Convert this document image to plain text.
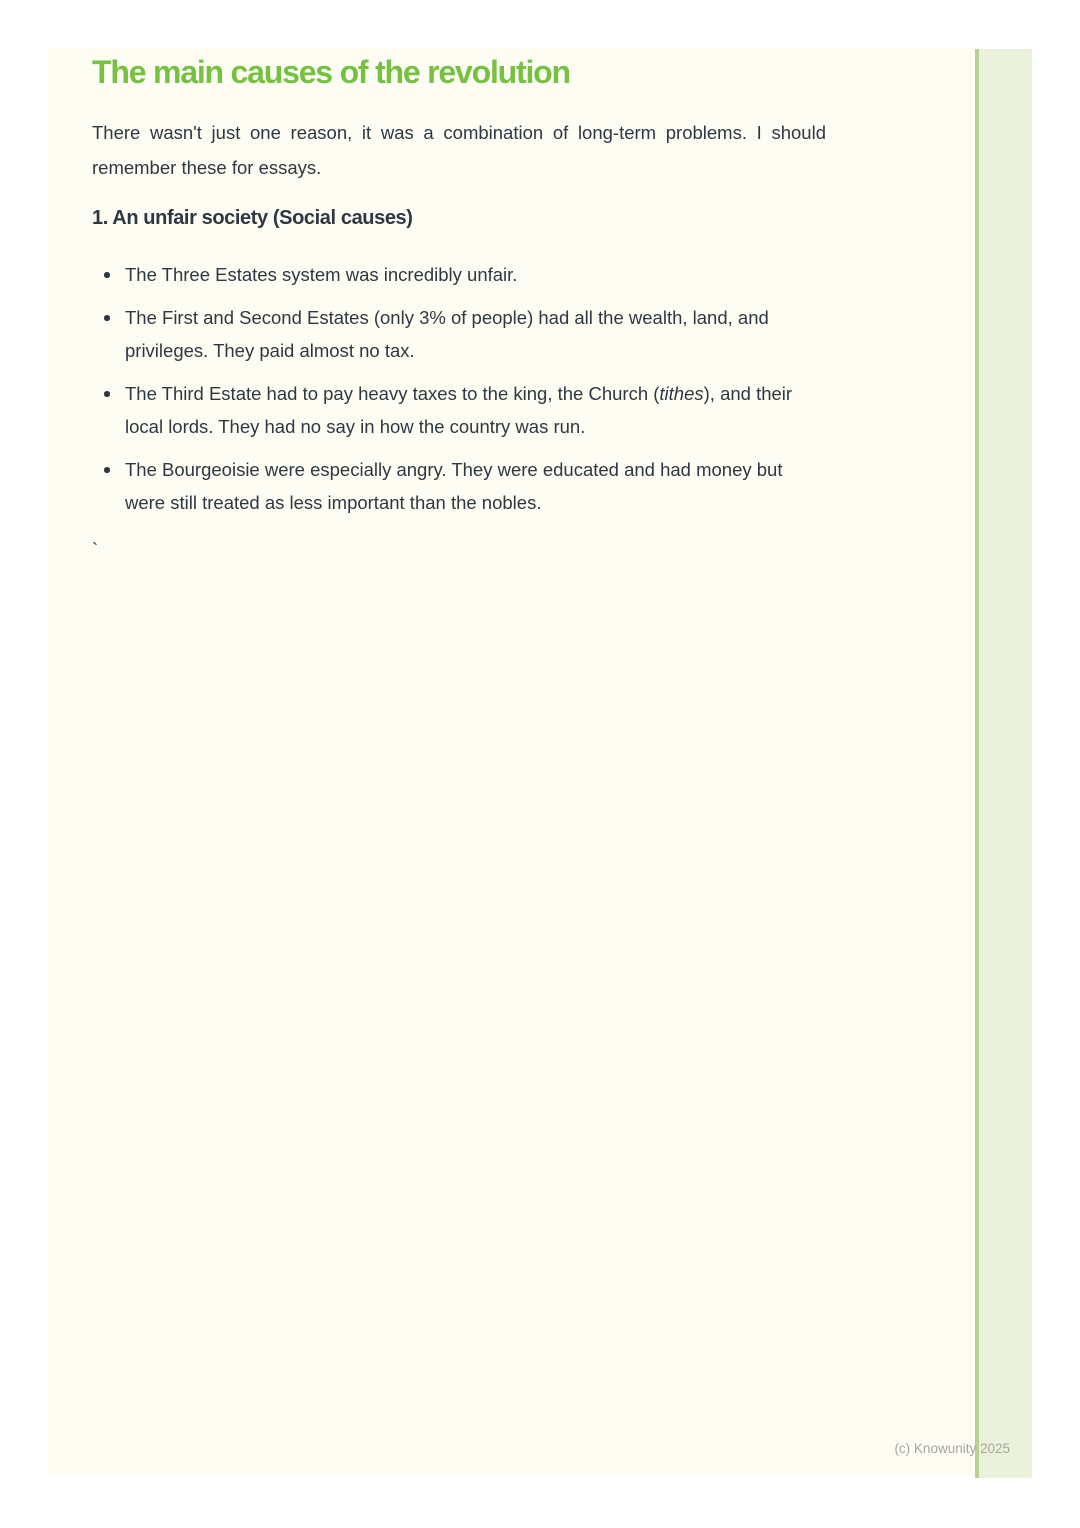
The main causes of the revolution

There wasn't just one reason, it was a combination of long-term problems. I should remember these for essays.

1. An unfair society (Social causes)
The Three Estates system was incredibly unfair.
The First and Second Estates (only 3% of people) had all the wealth, land, and privileges. They paid almost no tax.
The Third Estate had to pay heavy taxes to the king, the Church (tithes), and their local lords. They had no say in how the country was run.
The Bourgeoisie were especially angry. They were educated and had money but were still treated as less important than the nobles.

`

(c) Knowunity 2025
